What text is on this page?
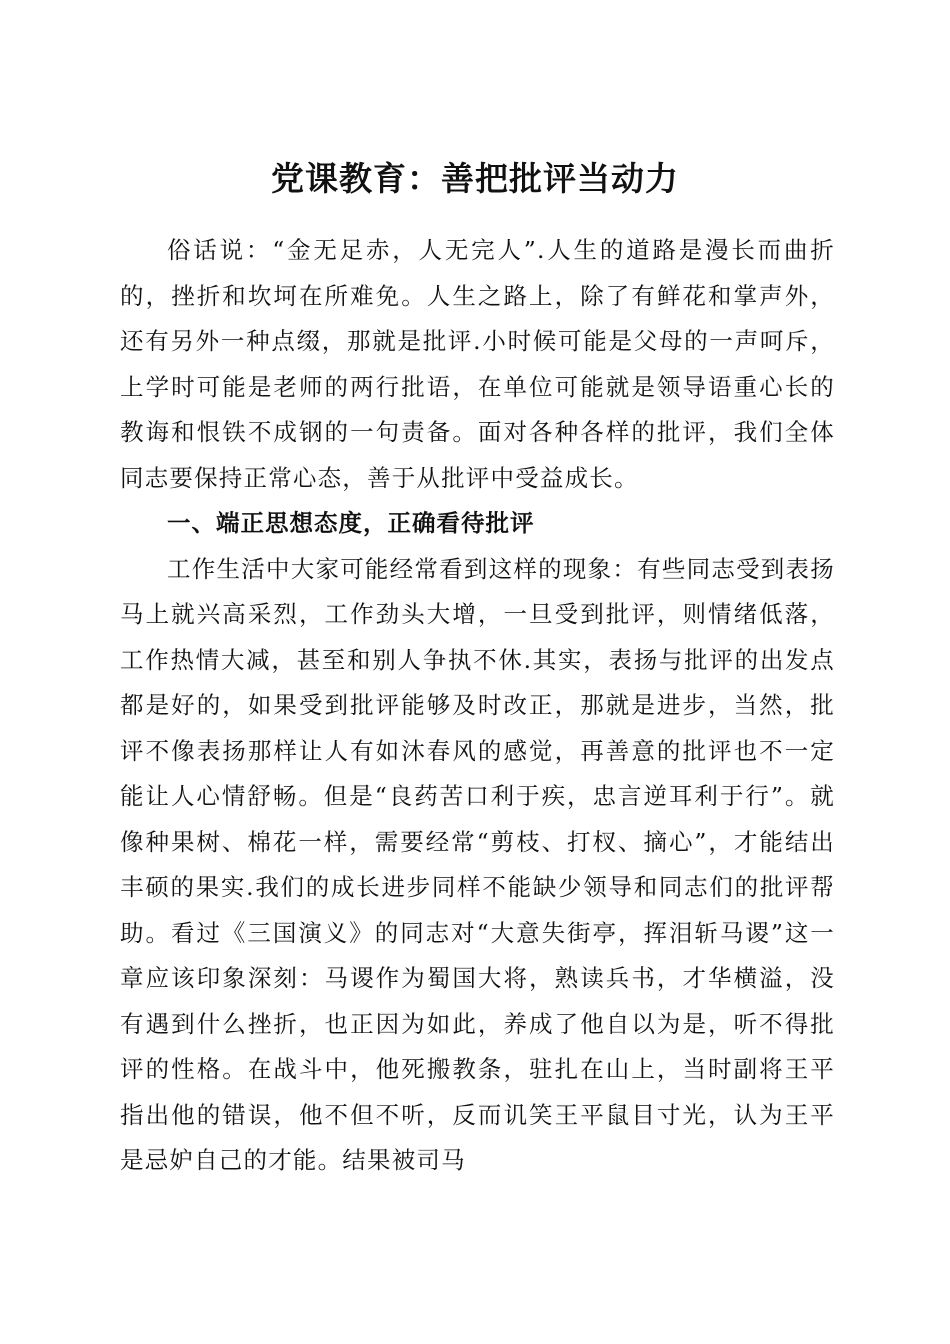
党课教育：善把批评当动力

俗话说：“金无足赤，人无完人”.人生的道路是漫长而曲折的，挫折和坎坷在所难免。人生之路上，除了有鲜花和掌声外，还有另外一种点缀，那就是批评.小时候可能是父母的一声呵斥，上学时可能是老师的两行批语，在单位可能就是领导语重心长的教诲和恨铁不成钢的一句责备。面对各种各样的批评，我们全体同志要保持正常心态，善于从批评中受益成长。

一、端正思想态度，正确看待批评

工作生活中大家可能经常看到这样的现象：有些同志受到表扬马上就兴高采烈，工作劲头大增，一旦受到批评，则情绪低落，工作热情大减，甚至和别人争执不休.其实，表扬与批评的出发点都是好的，如果受到批评能够及时改正，那就是进步，当然，批评不像表扬那样让人有如沐春风的感觉，再善意的批评也不一定能让人心情舒畅。但是“良药苦口利于疾，忠言逆耳利于行”。就像种果树、棉花一样，需要经常“剪枝、打杈、摘心”，才能结出丰硕的果实.我们的成长进步同样不能缺少领导和同志们的批评帮助。看过《三国演义》的同志对“大意失街亭，挥泪斩马谡”这一章应该印象深刻：马谡作为蜀国大将，熟读兵书，才华横溢，没有遇到什么挫折，也正因为如此，养成了他自以为是，听不得批评的性格。在战斗中，他死搬教条，驻扎在山上，当时副将王平指出他的错误，他不但不听，反而讥笑王平鼠目寸光，认为王平是忌妒自己的才能。结果被司马
